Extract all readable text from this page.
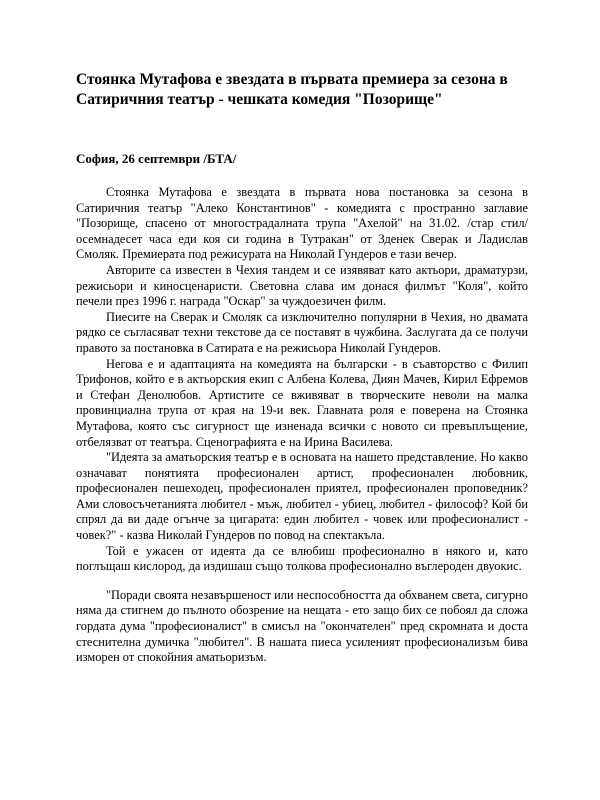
Стоянка Мутафова е звездата в първата премиера за сезона в Сатиричния театър - чешката комедия "Позорище"

София, 26 септември /БТА/

Стоянка Мутафова е звездата в първата нова постановка за сезона в Сатиричния театър "Алеко Константинов" - комедията с пространно заглавие "Позорище, спасено от многострадалната трупа "Ахелой" на 31.02. /стар стил/ осемнадесет часа еди коя си година в Тутракан" от Зденек Сверак и Ладислав Смоляк. Премиерата под режисурата на Николай Гундеров е тази вечер.

Авторите са известен в Чехия тандем и се изявяват като актьори, драматурзи, режисьори и киносценаристи. Световна слава им донася филмът "Коля", който печели през 1996 г. награда "Оскар" за чуждоезичен филм.

Пиесите на Сверак и Смоляк са изключително популярни в Чехия, но двамата рядко се съгласяват техни текстове да се поставят в чужбина. Заслугата да се получи правото за постановка в Сатирата е на режисьора Николай Гундеров.

Негова е и адаптацията на комедията на български - в съавторство с Филип Трифонов, който е в актьорския екип с Албена Колева, Диян Мачев, Кирил Ефремов и Стефан Денолюбов. Артистите се вживяват в творческите неволи на малка провинциална трупа от края на 19-и век. Главната роля е поверена на Стоянка Мутафова, която със сигурност ще изненада всички с новото си превъплъщение, отбелязват от театъра. Сценографията е на Ирина Василева.

"Идеята за аматьорския театър е в основата на нашето представление. Но какво означават понятията професионален артист, професионален любовник, професионален пешеходец, професионален приятел, професионален проповедник? Ами словосъчетанията любител - мъж, любител - убиец, любител - философ? Кой би спрял да ви даде огънче за цигарата: един любител - човек или професионалист - човек?" - казва Николай Гундеров по повод на спектакъла.

Той е ужасен от идеята да се влюбиш професионално в някого и, като поглъщаш кислород, да издишаш също толкова професионално въглероден двуокис.

"Поради своята незавършеност или неспособността да обхванем света, сигурно няма да стигнем до пълното обозрение на нещата - ето защо бих се побоял да сложа гордата дума "професионалист" в смисъл на "окончателен" пред скромната и доста стеснителна думичка "любител". В нашата пиеса усиленият професионализъм бива изморен от спокойния аматьоризъм.
